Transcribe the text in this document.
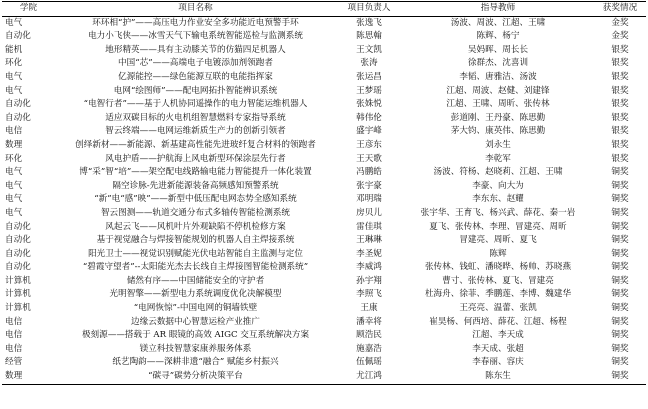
学院	项目名称	项目负责人	指导教师	获奖情况
电气	环环相“护”——高压电力作业安全多功能近电预警手环	张逸飞	汤波、周波、江超、王啸	金奖
自动化	电力小飞侠——冰雪天气下输电系统智能巡检与监测系统	陈思翰	陈辉、杨宁	金奖
能机	地形精英——具有主动膝关节的仿猫四足机器人	王文凯	吴妈晖、周长长	银奖
环化	中国“芯”——高端电子电镀添加剂领跑者	张涛	徐群杰、沈喜训	银奖
电气	亿源能控——绿色能源互联的电能指挥家	张运昌	李韬、唐雅洁、汤波	银奖
电气	电网“绘图师”——配电网拓扑智能辨识系统	王梦瑶	江超、周波、赵健、刘建锋	银奖
自动化	“电智行者”——基于人机协同遥操作的电力智能运维机器人	张姝悦	江超、王啸、周昕、张传林	银奖
自动化	适应双碳目标的火电机组智慧燃料专家指导系统	韩伟伦	彭道刚、王丹豪、陈思勤	银奖
电信	智云终端——电网运维新质生产力的创新引领者	盛宇峰	茅大钧、康英伟、陈思勤	银奖
数理	创绎新材——新能源、新基建高性能先进玻纤复合材料的领跑者	王彦东	刘永生	银奖
环化	风电护盾——护航海上风电新型环保涂层先行者	王天歌	李乾军	银奖
电气	博“采”智“培”——架空配电线路输电能力智能提升一体化装置	冯鹏皓	汤波、符杨、赵晓莉、江超、王啸	铜奖
电气	隔空诊脉-先进新能源装备高频感知预警系统	张宇豪	李豪、向大为	铜奖
电气	“新”电“感”映”——新型中低压配电网态势全感知系统	邓明瑞	李东东、赵耀	铜奖
电气	智云图测——轨道交通分布式多轴传智能检测系统	房贝儿	张宇华、王育飞、杨兴武、薛花、秦一岩	铜奖
自动化	风起云飞——风机叶片外观缺陷不停机检修方案	雷佳琪	夏飞、张传林、李理、冒建亮、周昕	铜奖
自动化	基于视觉融合与焊接智能规划的机器人自主焊接系统	王琳琳	冒建亮、周昕、夏飞	铜奖
自动化	阳光卫士——视觉识别赋能光伏电站智能自主监测与定位	李圣妮	陈辉	铜奖
自动化	“碧霞守望者”--太阳能光杰去长线自主焊接图智能检测系统”	李威鸿	张传林、钱虹、潘晓晔、杨帅、苏晓燕	铜奖
计算机	储然有序——中国储能安全的守护者	孙宇翔	曹寸、张传林、夏飞、冒建亮	铜奖
计算机	光明智擎——新型电力系统调度优化决解模型	李照飞	杜海舟、徐菲、季鹏莲、李博、魏建华	铜奖
计算机	“电网恢惊”-中国电网的铜墙铁壁	王康	王亮亮、温蕾、张凯	铜奖
电信	边缘云数据中心智慧运检产业推广	潘幸将	崔昊杨、何西培、薛花、江超、杨程	铜奖
电信	极刻源——搭载于 AR 眼镜的高效 AIGC 交互系统解决方案	顾浩民	江超、李天成	铜奖
电信	镁立科技智慧家康养服务体系	施嘉浩	李天成、张超	铜奖
经管	纸艺陶韵——深耕非遗“融合” 赋能乡村振兴	伍佩瑶	李春丽、容庆	铜奖
数理	“碳寻”碳势分析决策平台	尤江鸿	陈东生	铜奖
